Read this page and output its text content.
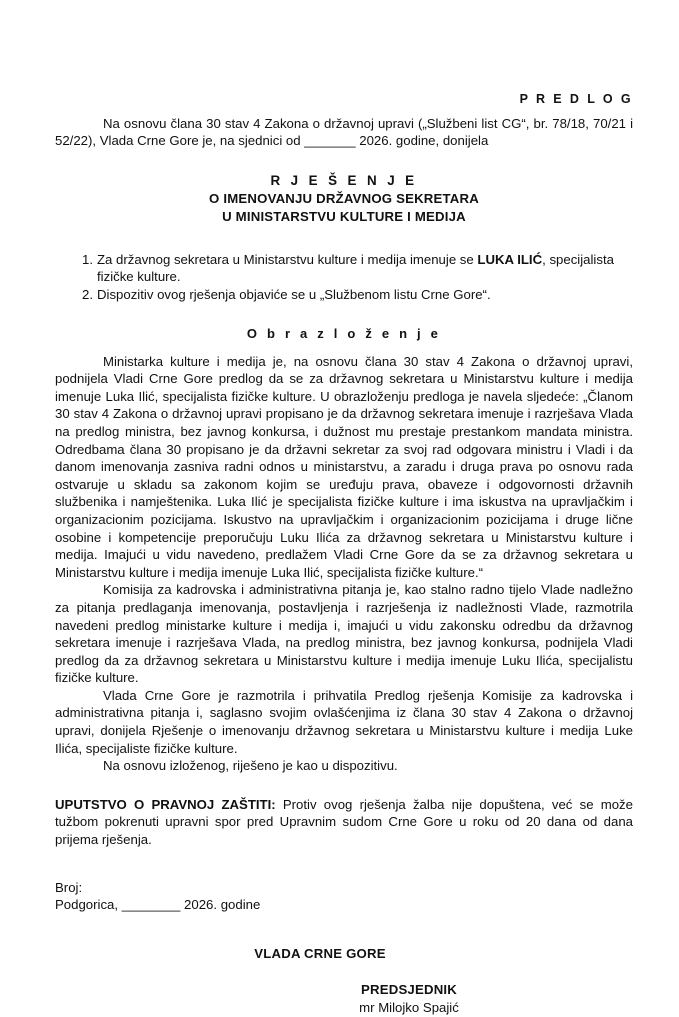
P R E D L O G
Na osnovu člana 30 stav 4 Zakona o državnoj upravi („Službeni list CG“, br. 78/18, 70/21 i 52/22), Vlada Crne Gore je, na sjednici od _______ 2026. godine, donijela
R J E Š E N J E
O IMENOVANJU DRŽAVNOG SEKRETARA
U MINISTARSTVU KULTURE I MEDIJA
1. Za državnog sekretara u Ministarstvu kulture i medija imenuje se LUKA ILIĆ, specijalista fizičke kulture.
2. Dispozitiv ovog rješenja objaviće se u „Službenom listu Crne Gore“.
O b r a z l o ž e n j e

Ministarka kulture i medija je, na osnovu člana 30 stav 4 Zakona o državnoj upravi, podnijela Vladi Crne Gore predlog da se za državnog sekretara u Ministarstvu kulture i medija imenuje Luka Ilić, specijalista fizičke kulture. U obrazloženju predloga je navela sljedeće: „Članom 30 stav 4 Zakona o državnoj upravi propisano je da državnog sekretara imenuje i razrješava Vlada na predlog ministra, bez javnog konkursa, i dužnost mu prestaje prestankom mandata ministra. Odredbama člana 30 propisano je da državni sekretar za svoj rad odgovara ministru i Vladi i da danom imenovanja zasniva radni odnos u ministarstvu, a zaradu i druga prava po osnovu rada ostvaruje u skladu sa zakonom kojim se uređuju prava, obaveze i odgovornosti državnih službenika i namještenika. Luka Ilić je specijalista fizičke kulture i ima iskustva na upravljačkim i organizacionim pozicijama. Iskustvo na upravljačkim i organizacionim pozicijama i druge lične osobine i kompetencije preporučuju Luku Ilića za državnog sekretara u Ministarstvu kulture i medija. Imajući u vidu navedeno, predlažem Vladi Crne Gore da se za državnog sekretara u Ministarstvu kulture i medija imenuje Luka Ilić, specijalista fizičke kulture.“

Komisija za kadrovska i administrativna pitanja je, kao stalno radno tijelo Vlade nadležno za pitanja predlaganja imenovanja, postavljenja i razrješenja iz nadležnosti Vlade, razmotrila navedeni predlog ministarke kulture i medija i, imajući u vidu zakonsku odredbu da državnog sekretara imenuje i razrješava Vlada, na predlog ministra, bez javnog konkursa, podnijela Vladi predlog da za državnog sekretara u Ministarstvu kulture i medija imenuje Luku Ilića, specijalistu fizičke kulture.

Vlada Crne Gore je razmotrila i prihvatila Predlog rješenja Komisije za kadrovska i administrativna pitanja i, saglasno svojim ovlašćenjima iz člana 30 stav 4 Zakona o državnoj upravi, donijela Rješenje o imenovanju državnog sekretara u Ministarstvu kulture i medija Luke Ilića, specijaliste fizičke kulture.

Na osnovu izloženog, riješeno je kao u dispozitivu.

UPUTSTVO O PRAVNOJ ZAŠTITI: Protiv ovog rješenja žalba nije dopuštena, već se može tužbom pokrenuti upravni spor pred Upravnim sudom Crne Gore u roku od 20 dana od dana prijema rješenja.
Broj:
Podgorica, ________ 2026. godine
VLADA CRNE GORE
PREDSJEDNIK
mr Milojko Spajić
